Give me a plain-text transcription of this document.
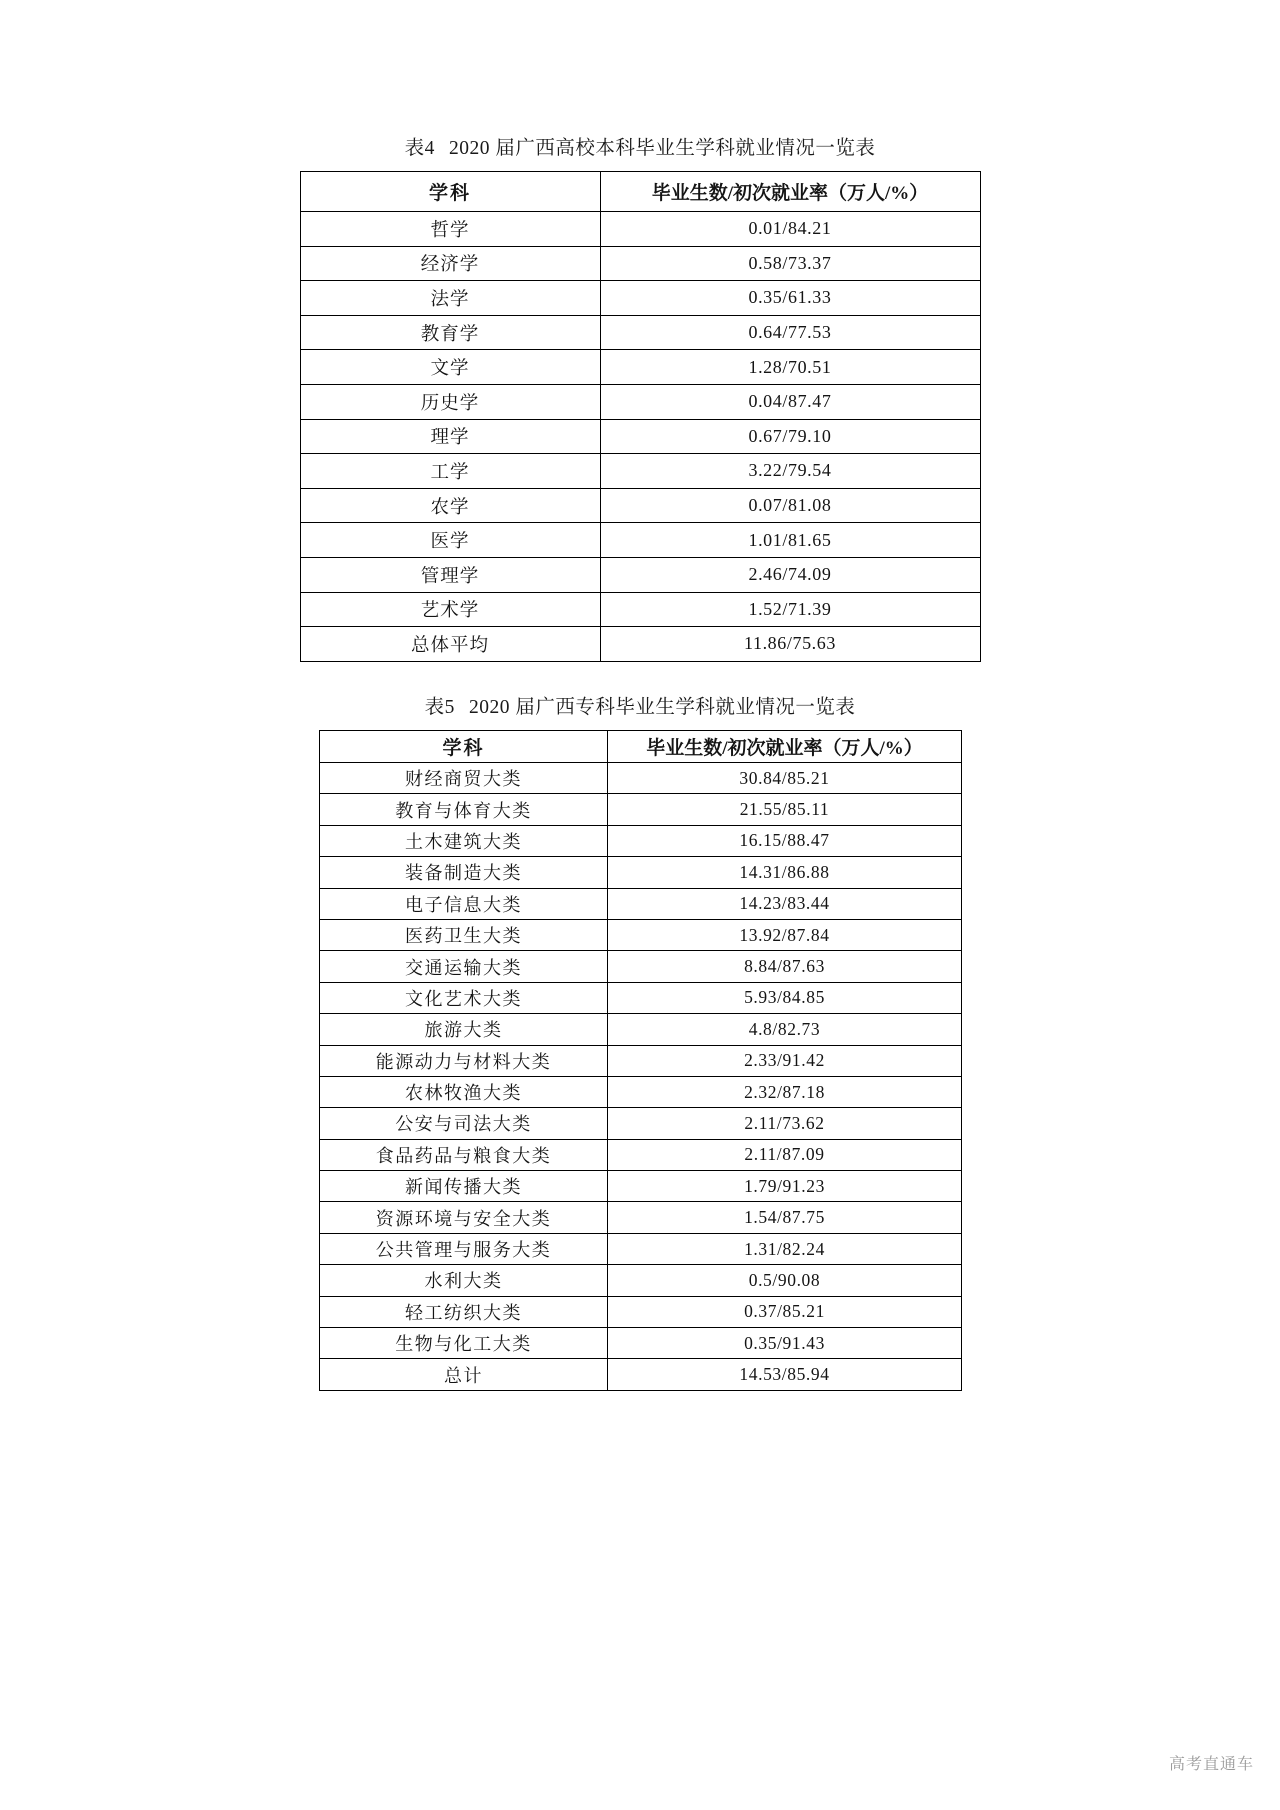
表4 2020 届广西高校本科毕业生学科就业情况一览表
学科	毕业生数/初次就业率（万人/%）
哲学	0.01/84.21
经济学	0.58/73.37
法学	0.35/61.33
教育学	0.64/77.53
文学	1.28/70.51
历史学	0.04/87.47
理学	0.67/79.10
工学	3.22/79.54
农学	0.07/81.08
医学	1.01/81.65
管理学	2.46/74.09
艺术学	1.52/71.39
总体平均	11.86/75.63
表5 2020 届广西专科毕业生学科就业情况一览表
学科	毕业生数/初次就业率（万人/%）
财经商贸大类	30.84/85.21
教育与体育大类	21.55/85.11
土木建筑大类	16.15/88.47
装备制造大类	14.31/86.88
电子信息大类	14.23/83.44
医药卫生大类	13.92/87.84
交通运输大类	8.84/87.63
文化艺术大类	5.93/84.85
旅游大类	4.8/82.73
能源动力与材料大类	2.33/91.42
农林牧渔大类	2.32/87.18
公安与司法大类	2.11/73.62
食品药品与粮食大类	2.11/87.09
新闻传播大类	1.79/91.23
资源环境与安全大类	1.54/87.75
公共管理与服务大类	1.31/82.24
水利大类	0.5/90.08
轻工纺织大类	0.37/85.21
生物与化工大类	0.35/91.43
总计	14.53/85.94
高考直通车
